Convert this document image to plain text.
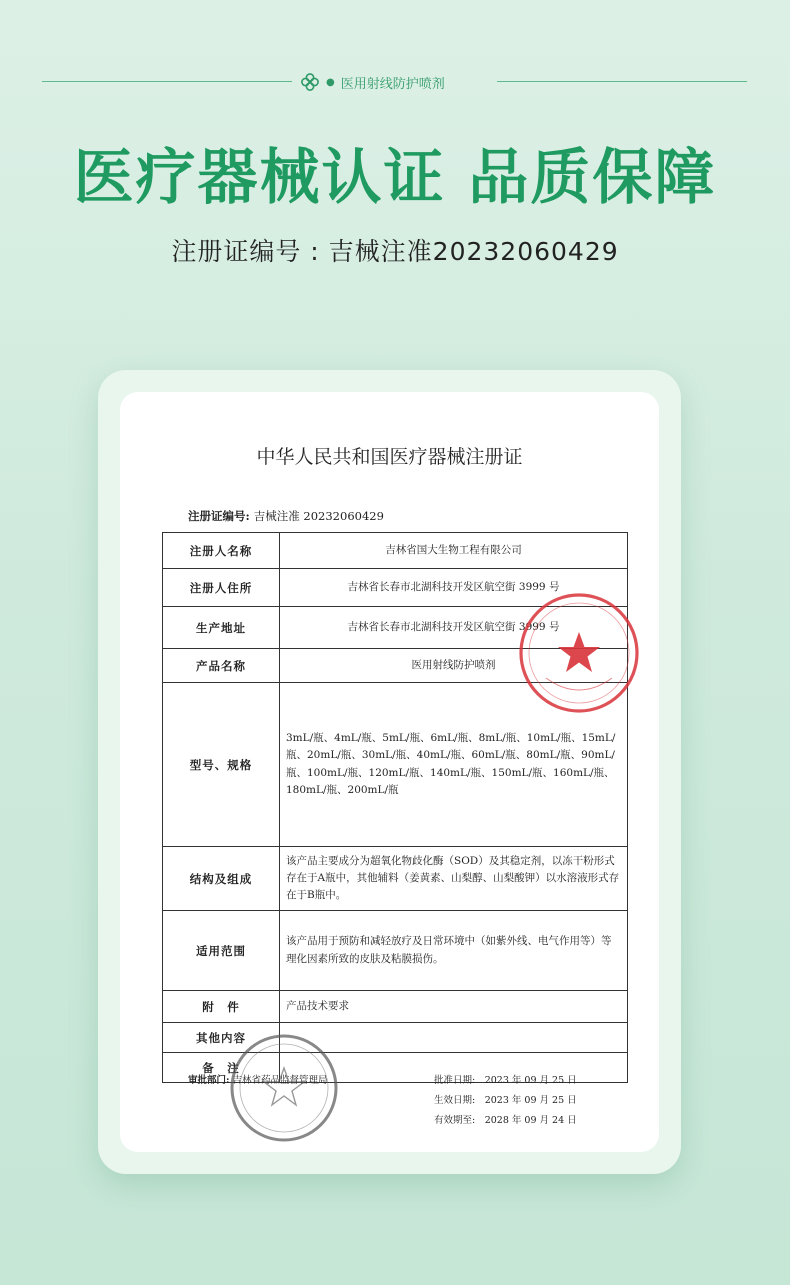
● 医用射线防护喷剂
医疗器械认证 品质保障
注册证编号 : 吉械注准20232060429
中华人民共和国医疗器械注册证
注册证编号: 吉械注准 20232060429
注册人名称	吉林省国大生物工程有限公司
注册人住所	吉林省长春市北湖科技开发区航空街 3999 号
生产地址	吉林省长春市北湖科技开发区航空街 3999 号
产品名称	医用射线防护喷剂
型号、规格	3mL/瓶、4mL/瓶、5mL/瓶、6mL/瓶、8mL/瓶、10mL/瓶、15mL/瓶、20mL/瓶、30mL/瓶、40mL/瓶、60mL/瓶、80mL/瓶、90mL/瓶、100mL/瓶、120mL/瓶、140mL/瓶、150mL/瓶、160mL/瓶、180mL/瓶、200mL/瓶
结构及组成	该产品主要成分为超氧化物歧化酶（SOD）及其稳定剂，以冻干粉形式存在于A瓶中，其他辅料（姜黄素、山梨醇、山梨酸钾）以水溶液形式存在于B瓶中。
适用范围	该产品用于预防和减轻放疗及日常环境中（如紫外线、电气作用等）等理化因素所致的皮肤及粘膜损伤。
附　件	产品技术要求
其他内容	
备　注	
审批部门: 吉林省药品监督管理局	批准日期:　2023 年 09 月 25 日
生效日期:　2023 年 09 月 25 日
有效期至:　2028 年 09 月 24 日
